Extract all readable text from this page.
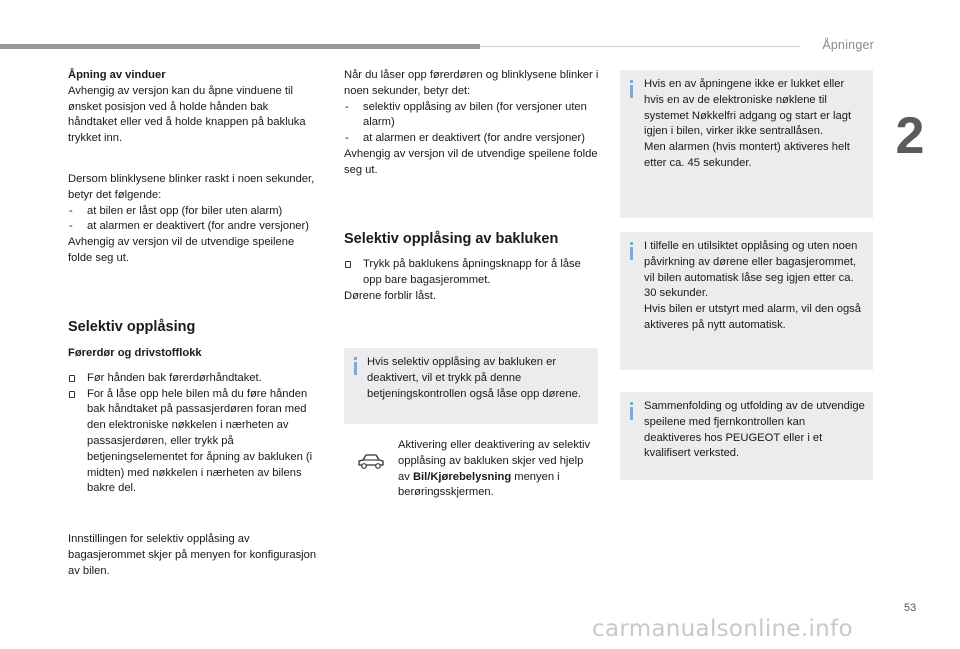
Åpninger
2

Åpning av vinduer

Avhengig av versjon kan du åpne vinduene til ønsket posisjon ved å holde hånden bak håndtaket eller ved å holde knappen på bakluka trykket inn.

Dersom blinklysene blinker raskt i noen sekunder, betyr det følgende:

- at bilen er låst opp (for biler uten alarm)

- at alarmen er deaktivert (for andre versjoner)

Avhengig av versjon vil de utvendige speilene folde seg ut.

Selektiv opplåsing

Førerdør og drivstofflokk

Før hånden bak førerdørhåndtaket.

For å låse opp hele bilen må du føre hånden bak håndtaket på passasjerdøren foran med den elektroniske nøkkelen i nærheten av passasjerdøren, eller trykk på betjeningselementet for åpning av bakluken (i midten) med nøkkelen i nærheten av bilens bakre del.

Innstillingen for selektiv opplåsing av bagasjerommet skjer på menyen for konfigurasjon av bilen.

Når du låser opp førerdøren og blinklysene blinker i noen sekunder, betyr det:

- selektiv opplåsing av bilen (for versjoner uten alarm)

- at alarmen er deaktivert (for andre versjoner)

Avhengig av versjon vil de utvendige speilene folde seg ut.

Selektiv opplåsing av bakluken

Trykk på baklukens åpningsknapp for å låse opp bare bagasjerommet.

Dørene forblir låst.

Hvis selektiv opplåsing av bakluken er deaktivert, vil et trykk på denne betjeningskontrollen også låse opp dørene.

Aktivering eller deaktivering av selektiv opplåsing av bakluken skjer ved hjelp av Bil/Kjørebelysning menyen i berøringsskjermen.

Hvis en av åpningene ikke er lukket eller hvis en av de elektroniske nøklene til systemet Nøkkelfri adgang og start er lagt igjen i bilen, virker ikke sentrallåsen.

Men alarmen (hvis montert) aktiveres helt etter ca. 45 sekunder.

I tilfelle en utilsiktet opplåsing og uten noen påvirkning av dørene eller bagasjerommet, vil bilen automatisk låse seg igjen etter ca. 30 sekunder.

Hvis bilen er utstyrt med alarm, vil den også aktiveres på nytt automatisk.

Sammenfolding og utfolding av de utvendige speilene med fjernkontrollen kan deaktiveres hos PEUGEOT eller i et kvalifisert verksted.

53
carmanualsonline.info
